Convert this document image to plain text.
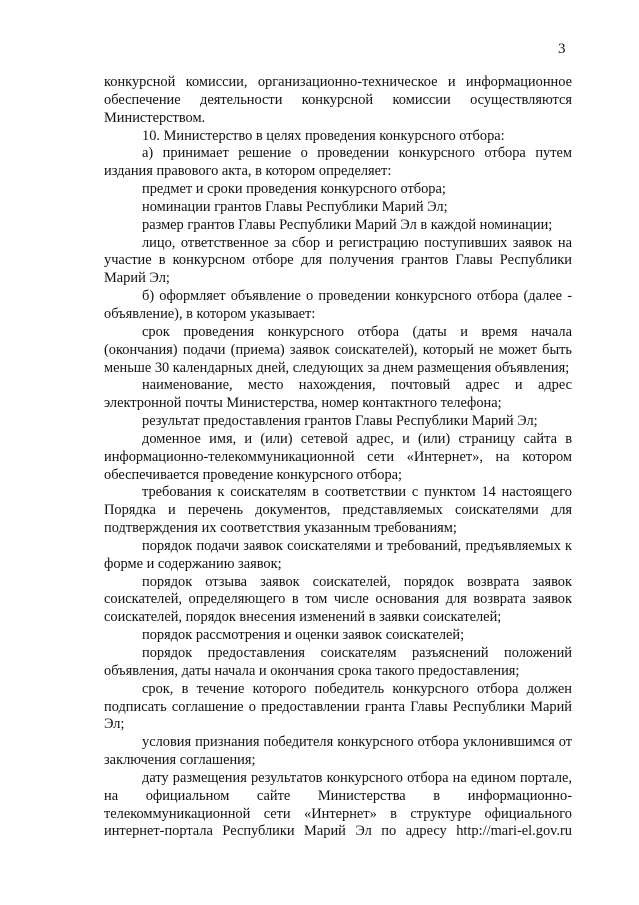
3

конкурсной комиссии, организационно-техническое и информационное обеспечение деятельности конкурсной комиссии осуществляются Министерством.

10. Министерство в целях проведения конкурсного отбора:

а) принимает решение о проведении конкурсного отбора путем издания правового акта, в котором определяет:

предмет и сроки проведения конкурсного отбора;

номинации грантов Главы Республики Марий Эл;

размер грантов Главы Республики Марий Эл в каждой номинации;

лицо, ответственное за сбор и регистрацию поступивших заявок на участие в конкурсном отборе для получения грантов Главы Республики Марий Эл;

б) оформляет объявление о проведении конкурсного отбора (далее - объявление), в котором указывает:

срок проведения конкурсного отбора (даты и время начала (окончания) подачи (приема) заявок соискателей), который не может быть меньше 30 календарных дней, следующих за днем размещения объявления;

наименование, место нахождения, почтовый адрес и адрес электронной почты Министерства, номер контактного телефона;

результат предоставления грантов Главы Республики Марий Эл;

доменное имя, и (или) сетевой адрес, и (или) страницу сайта в информационно-телекоммуникационной сети «Интернет», на котором обеспечивается проведение конкурсного отбора;

требования к соискателям в соответствии с пунктом 14 настоящего Порядка и перечень документов, представляемых соискателями для подтверждения их соответствия указанным требованиям;

порядок подачи заявок соискателями и требований, предъявляемых к форме и содержанию заявок;

порядок отзыва заявок соискателей, порядок возврата заявок соискателей, определяющего в том числе основания для возврата заявок соискателей, порядок внесения изменений в заявки соискателей;

порядок рассмотрения и оценки заявок соискателей;

порядок предоставления соискателям разъяснений положений объявления, даты начала и окончания срока такого предоставления;

срок, в течение которого победитель конкурсного отбора должен подписать соглашение о предоставлении гранта Главы Республики Марий Эл;

условия признания победителя конкурсного отбора уклонившимся от заключения соглашения;

дату размещения результатов конкурсного отбора на едином портале, на официальном сайте Министерства в информационно-телекоммуникационной сети «Интернет» в структуре официального интернет-портала Республики Марий Эл по адресу http://mari-el.gov.ru
